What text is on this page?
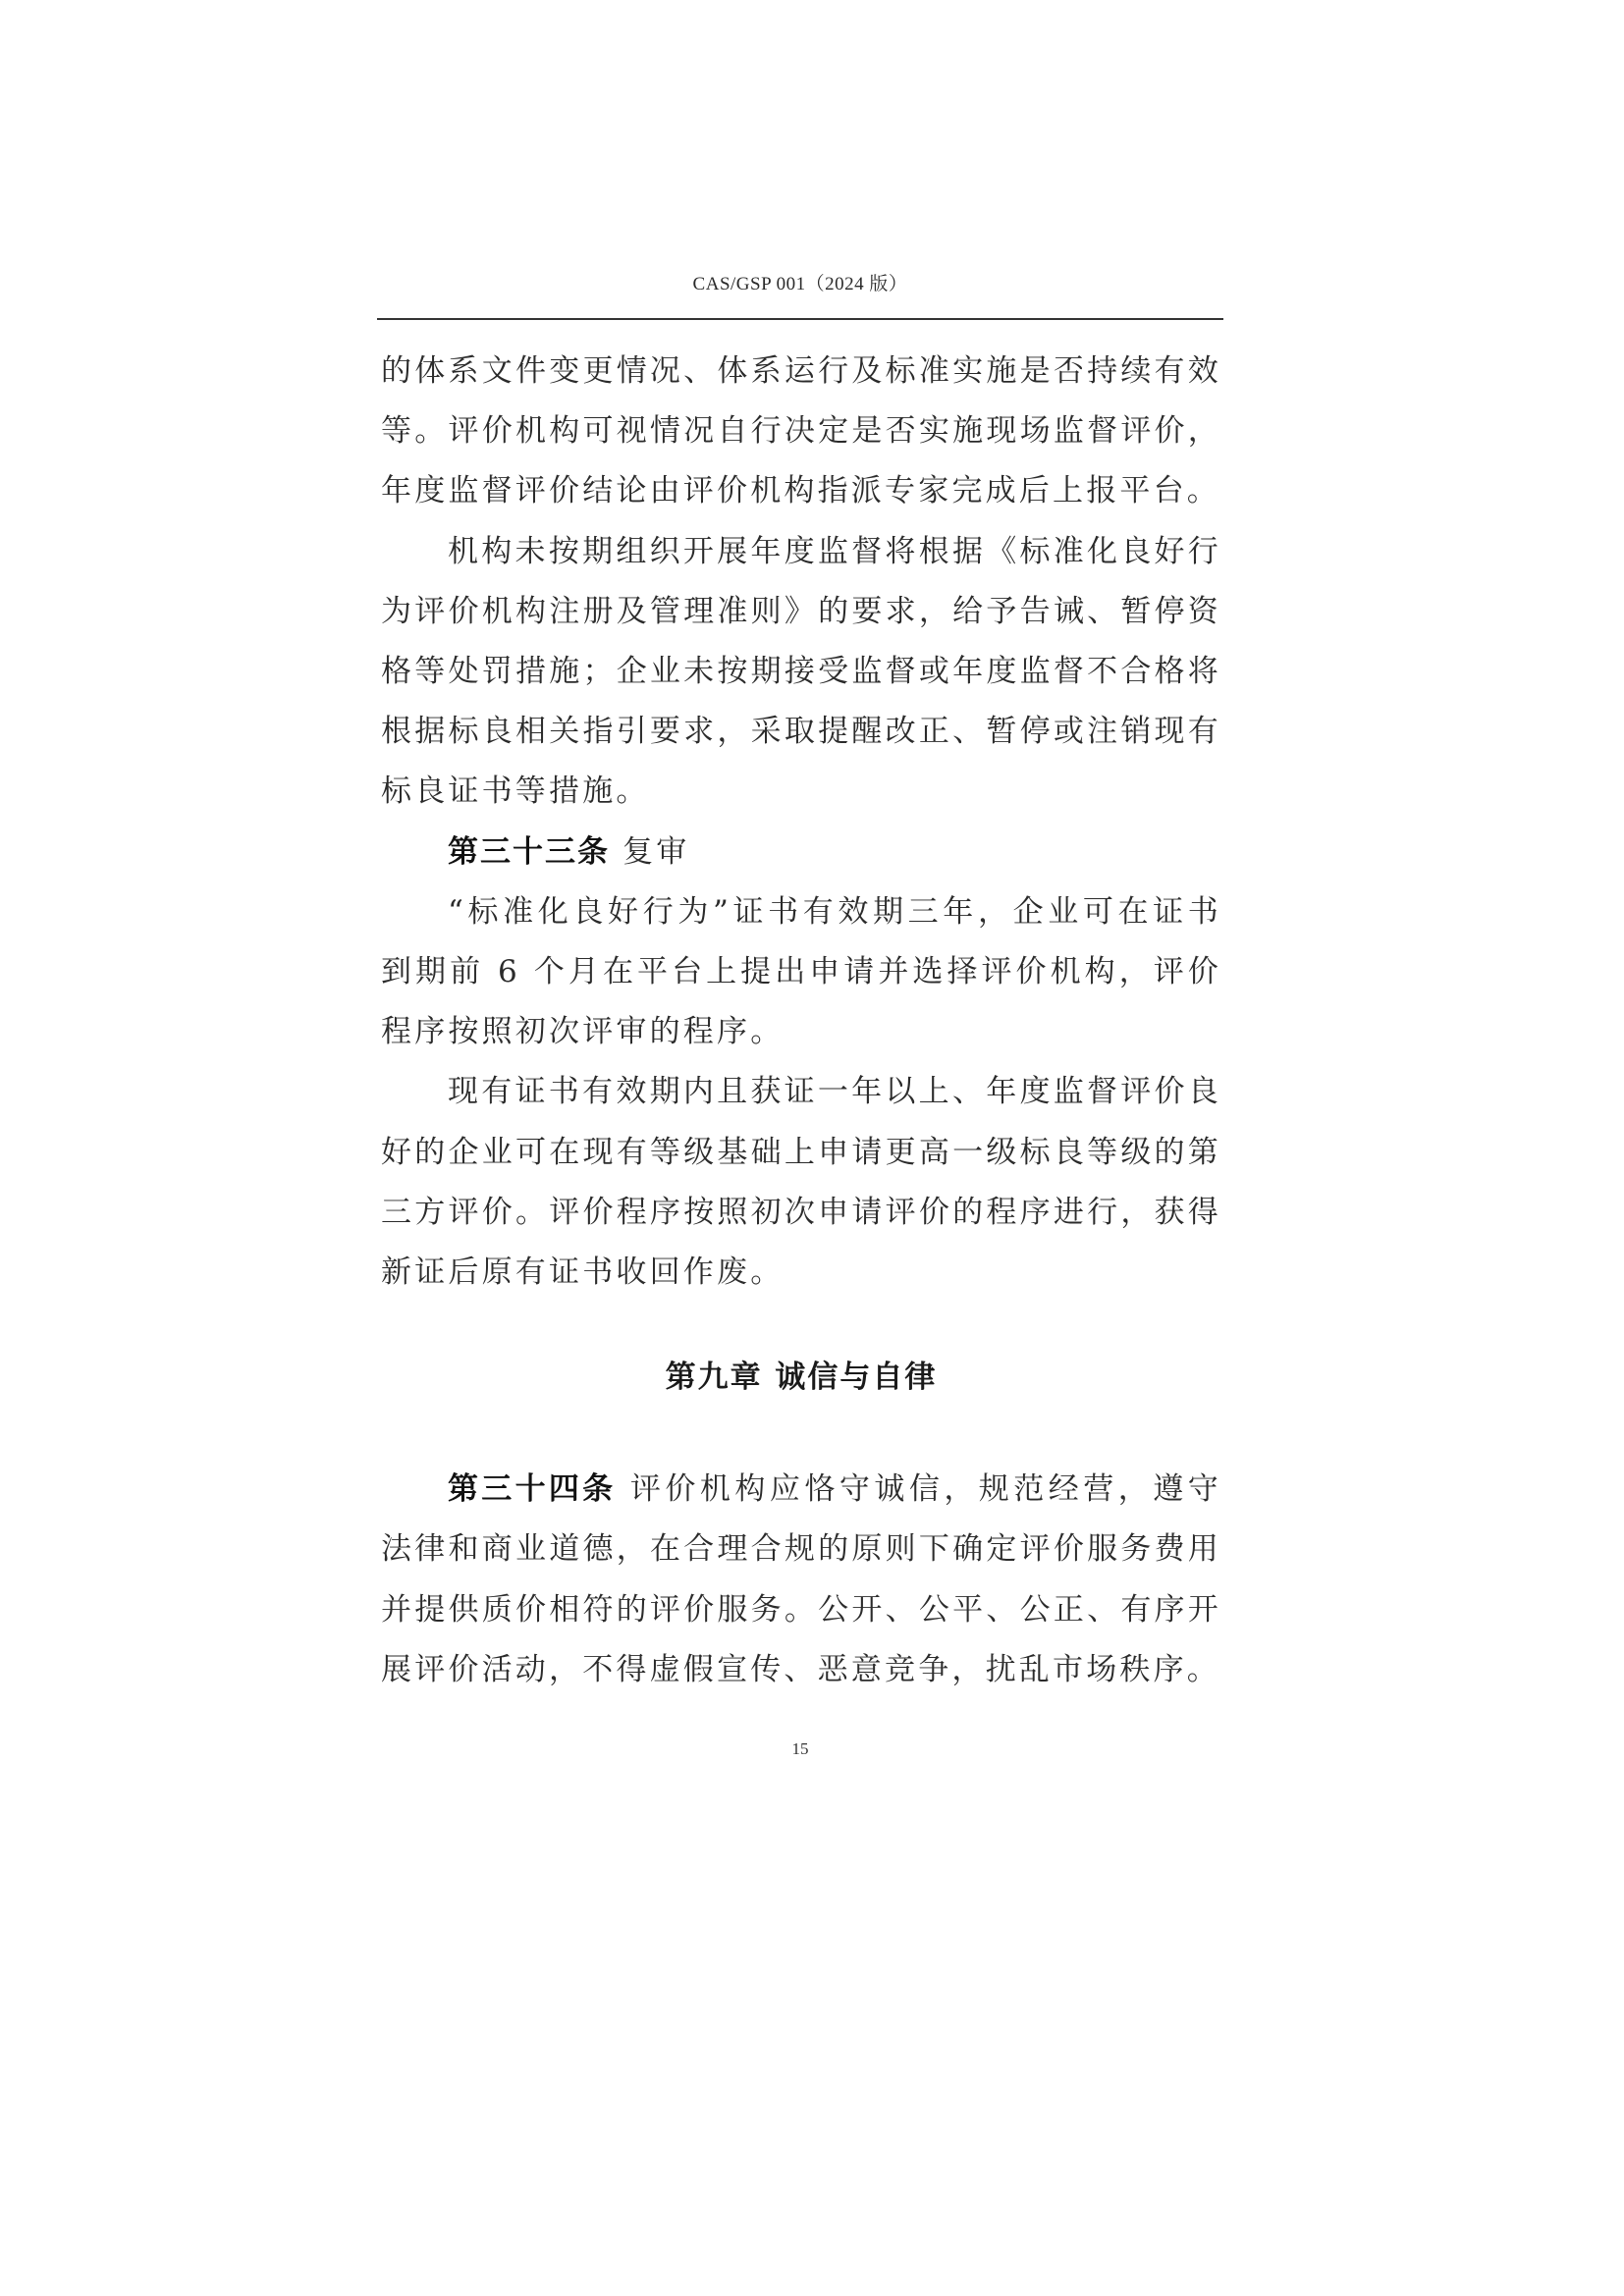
CAS/GSP 001（2024 版）

的体系文件变更情况、体系运行及标准实施是否持续有效等。评价机构可视情况自行决定是否实施现场监督评价，年度监督评价结论由评价机构指派专家完成后上报平台。

机构未按期组织开展年度监督将根据《标准化良好行为评价机构注册及管理准则》的要求，给予告诫、暂停资格等处罚措施；企业未按期接受监督或年度监督不合格将根据标良相关指引要求，采取提醒改正、暂停或注销现有标良证书等措施。

第三十三条 复审

“标准化良好行为”证书有效期三年，企业可在证书到期前 6 个月在平台上提出申请并选择评价机构，评价程序按照初次评审的程序。

现有证书有效期内且获证一年以上、年度监督评价良好的企业可在现有等级基础上申请更高一级标良等级的第三方评价。评价程序按照初次申请评价的程序进行，获得新证后原有证书收回作废。

第九章 诚信与自律

第三十四条 评价机构应恪守诚信，规范经营，遵守法律和商业道德，在合理合规的原则下确定评价服务费用并提供质价相符的评价服务。公开、公平、公正、有序开展评价活动，不得虚假宣传、恶意竞争，扰乱市场秩序。

15
